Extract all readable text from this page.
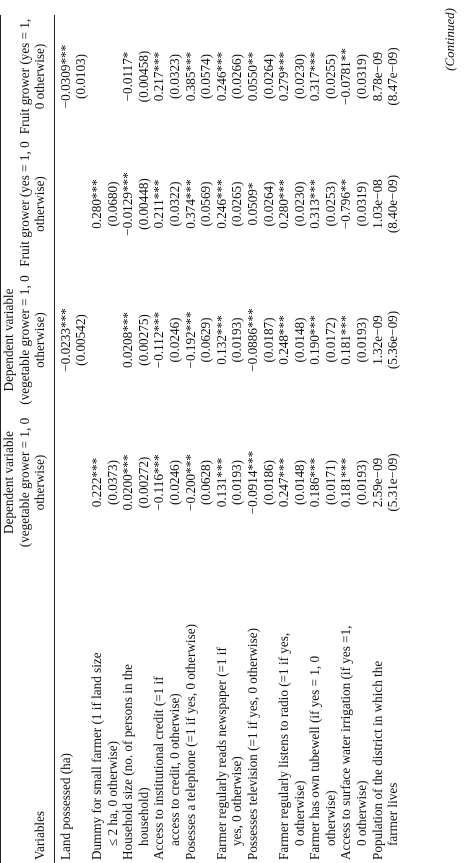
Variables	Dependent variable (vegetable grower = 1, 0 otherwise)	Dependent variable (vegetable grower = 1, 0 otherwise)	Fruit grower (yes = 1, 0 otherwise)	Fruit grower (yes = 1, 0 otherwise)

Land possessed (ha)		−0.0233***		−0.0309***
		(0.00542)		(0.0103)

Dummy for small farmer (1 if land size ≤ 2 ha, 0 otherwise)	0.222***		0.280***	
	(0.0373)		(0.0680)	

Household size (no. of persons in the household)	0.0200***	0.0208***	−0.0129***	−0.0117*
	(0.00272)	(0.00275)	(0.00448)	(0.00458)

Access to institutional credit (=1 if access to credit, 0 otherwise)	−0.116***	−0.112***	0.211***	0.217***
	(0.0246)	(0.0246)	(0.0322)	(0.0323)

Posesses a telephone (=1 if yes, 0 otherwise)	−0.200***	−0.192***	0.374***	0.385***
	(0.0628)	(0.0629)	(0.0569)	(0.0574)

Farmer regularly reads newspaper (=1 if yes, 0 otherwise)	0.131***	0.132***	0.246***	0.246***
	(0.0193)	(0.0193)	(0.0265)	(0.0266)

Possesses television (=1 if yes, 0 otherwise)	−0.0914***	−0.0886***	0.0509*	0.0550**
	(0.0186)	(0.0187)	(0.0264)	(0.0264)

Farmer regularly listens to radio (=1 if yes, 0 otherwise)	0.247***	0.248***	0.280***	0.279***
	(0.0148)	(0.0148)	(0.0230)	(0.0230)

Farmer has own tubewell (if yes = 1, 0 otherwise)	0.186***	0.190***	0.313***	0.317***
	(0.0171)	(0.0172)	(0.0253)	(0.0255)

Access to surface water irrigation (if yes =1, 0 otherwise)	0.181***	0.181***	−0.796**	−0.0781**
	(0.0193)	(0.0193)	(0.0319)	(0.0319)

Population of the district in which the farmer lives	2.59e−09	1.32e−09	1.03e−08	8.78e−09
	(5.31e−09)	(5.36e−09)	(8.40e−09)	(8.47e−09)
(Continued)
